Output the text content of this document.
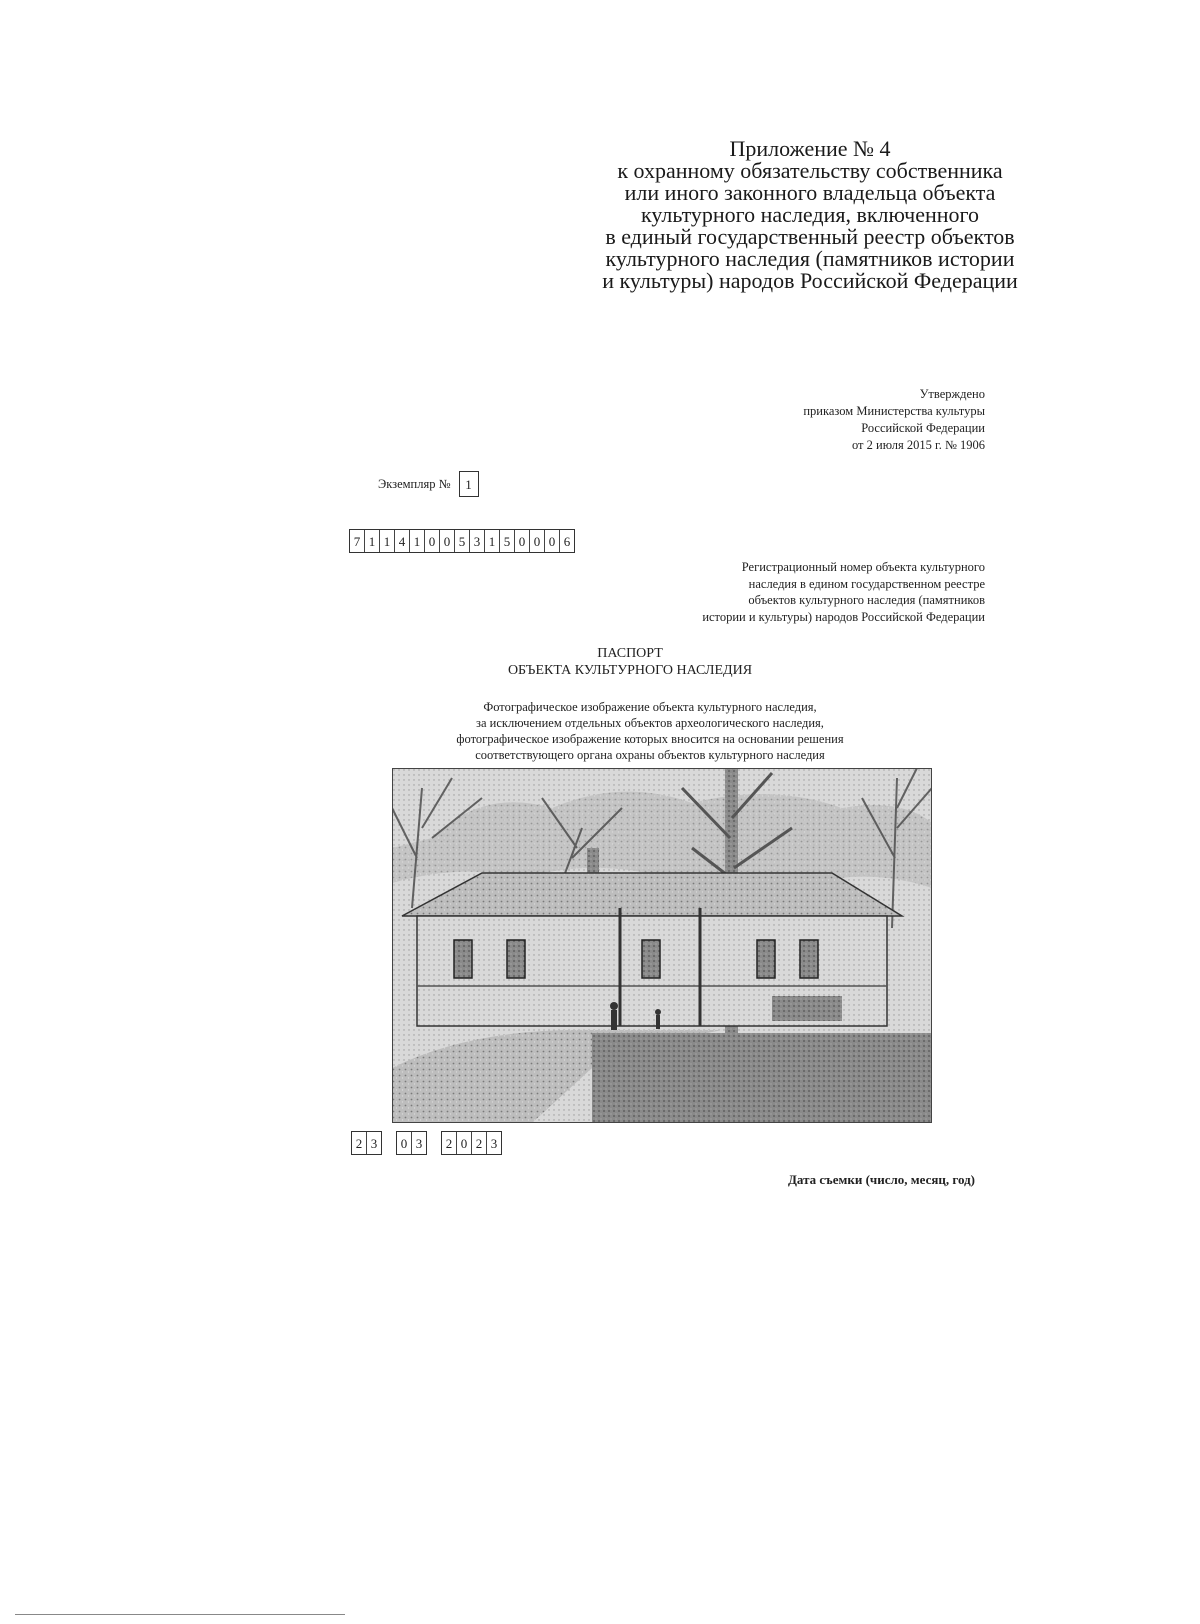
Приложение № 4
к охранному обязательству собственника
или иного законного владельца объекта
культурного наследия, включенного
в единый государственный реестр объектов
культурного наследия (памятников истории
и культуры) народов Российской Федерации
Утверждено
приказом Министерства культуры
Российской Федерации
от 2 июля 2015 г. № 1906
Экземпляр №	1
7 1 1 4 1 0 0 5 3 1 5 0 0 0 6
Регистрационный номер объекта культурного
наследия в едином государственном реестре
объектов культурного наследия (памятников
истории и культуры) народов Российской Федерации
ПАСПОРТ
ОБЪЕКТА КУЛЬТУРНОГО НАСЛЕДИЯ
Фотографическое изображение объекта культурного наследия,
за исключением отдельных объектов археологического наследия,
фотографическое изображение которых вносится на основании решения
соответствующего органа охраны объектов культурного наследия
2 3 0 3 2 0 2 3
Дата съемки (число, месяц, год)
